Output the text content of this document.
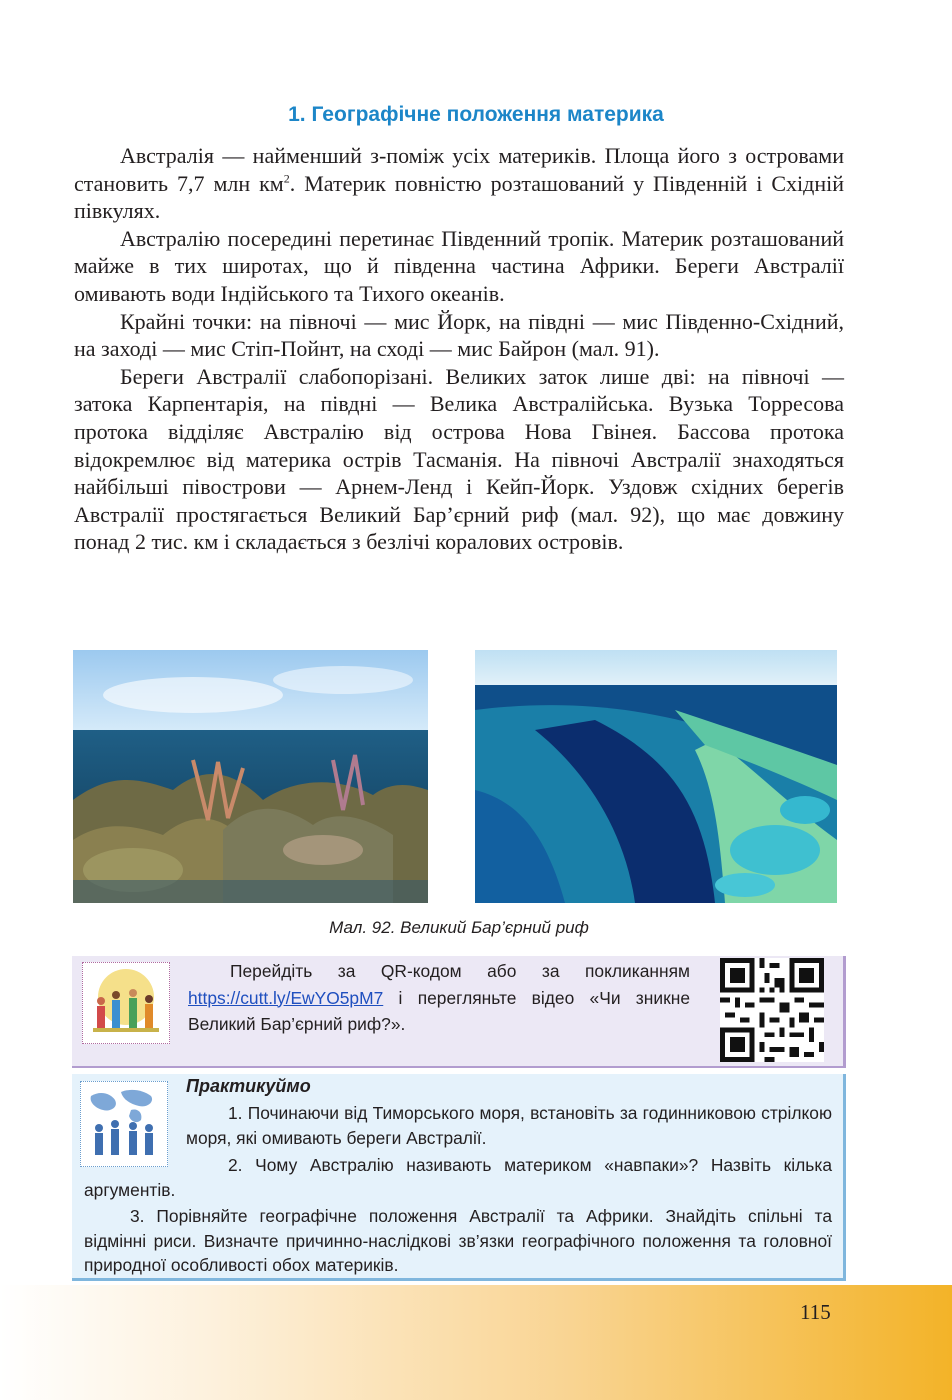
1. Географічне положення материка

Австралія — найменший з-поміж усіх материків. Площа його з островами становить 7,7 млн $км^2$. Материк повністю розташований у Південній і Східній півкулях.

Австралію посередині перетинає Південний тропік. Материк розташований майже в тих широтах, що й південна частина Африки. Береги Австралії омивають води Індійського та Тихого океанів.

Крайні точки: на півночі — мис Йорк, на півдні — мис Південно-Східний, на заході — мис Стіп-Пойнт, на сході — мис Байрон (мал. 91).

Береги Австралії слабопорізані. Великих заток лише дві: на півночі — затока Карпентарія, на півдні — Велика Австралійська. Вузька Торресова протока відділяє Австралію від острова Нова Гвінея. Бассова протока відокремлює від материка острів Тасманія. На півночі Австралії знаходяться найбільші півострови — Арнем-Ленд і Кейп-Йорк. Уздовж східних берегів Австралії простягається Великий Бар’єрний риф (мал. 92), що має довжину понад 2 тис. км і складається з безлічі коралових островів.

Мал. 92. Великий Бар’єрний риф
Перейдіть за QR-кодом або за покликанням https://cutt.ly/EwYO5pM7 і перегляньте відео «Чи зникне Великий Бар’єрний риф?».
Практикуймо
1. Починаючи від Тиморського моря, встановіть за годинниковою стрілкою моря, які омивають береги Австралії.
2. Чому Австралію називають материком «навпаки»? Назвіть кілька аргументів.
3. Порівняйте географічне положення Австралії та Африки. Знайдіть спільні та відмінні риси. Визначте причинно-наслідкові зв’язки географічного положення та головної природної особливості обох материків.
115
